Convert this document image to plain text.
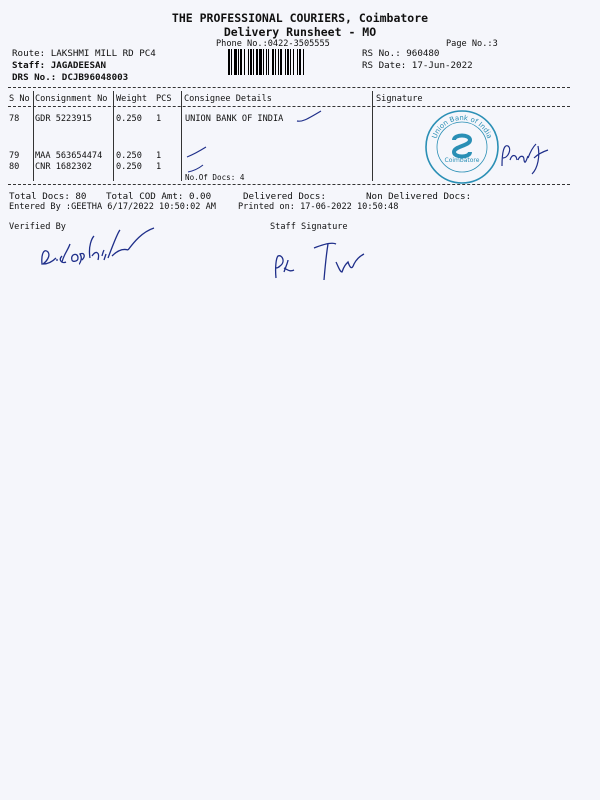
THE PROFESSIONAL COURIERS, Coimbatore
Delivery Runsheet - MO
Phone No.:0422-3505555	Page No.:3
Route: LAKSHMI MILL RD PC4
Staff: JAGADEESAN
DRS No.: DCJB96048003
RS No.: 960480
RS Date: 17-Jun-2022
S No Consignment No Weight PCS Consignee Details	Signature
78 GDR 5223915	0.250 1	UNION BANK OF INDIA
79 MAA 563654474 0.250 1
80 CNR 1682302	0.250 1
No.Of Docs: 4
Total Docs: 80 Total COD Amt: 0.00	Delivered Docs:	Non Delivered Docs:
Entered By :GEETHA 6/17/2022 10:50:02 AM	Printed on: 17-06-2022 10:50:48
Verified By	Staff Signature
Union Bank of India
Coimbatore
